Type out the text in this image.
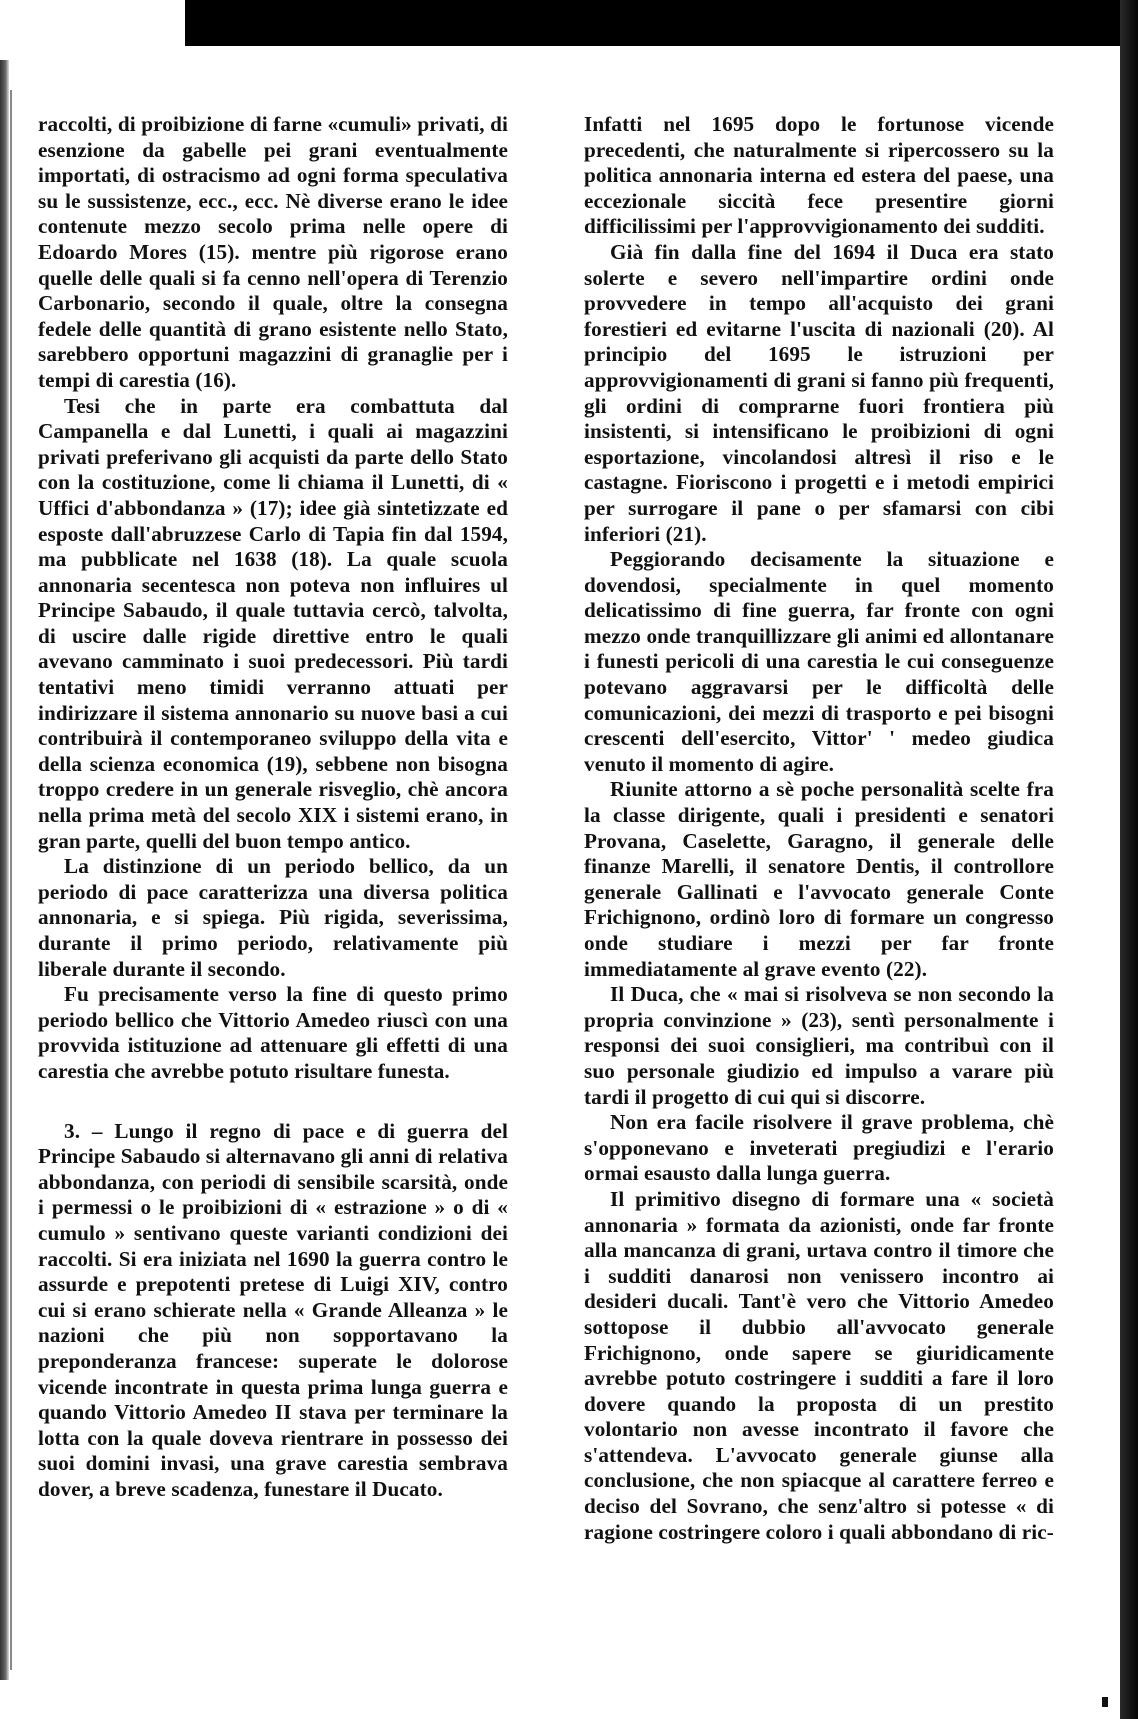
raccolti, di proibizione di farne «cumuli» privati, di esenzione da gabelle pei grani eventualmente importati, di ostracismo ad ogni forma speculativa su le sussistenze, ecc., ecc. Nè diverse erano le idee contenute mezzo secolo prima nelle opere di Edoardo Mores (15). mentre più rigorose erano quelle delle quali si fa cenno nell'opera di Terenzio Carbonario, secondo il quale, oltre la consegna fedele delle quantità di grano esistente nello Stato, sarebbero opportuni magazzini di granaglie per i tempi di carestia (16).

Tesi che in parte era combattuta dal Campanella e dal Lunetti, i quali ai magazzini privati preferivano gli acquisti da parte dello Stato con la costituzione, come li chiama il Lunetti, di « Uffici d'abbondanza » (17); idee già sintetizzate ed esposte dall'abruzzese Carlo di Tapia fin dal 1594, ma pubblicate nel 1638 (18). La quale scuola annonaria secentesca non poteva non influires ul Principe Sabaudo, il quale tuttavia cercò, talvolta, di uscire dalle rigide direttive entro le quali avevano camminato i suoi predecessori. Più tardi tentativi meno timidi verranno attuati per indirizzare il sistema annonario su nuove basi a cui contribuirà il contemporaneo sviluppo della vita e della scienza economica (19), sebbene non bisogna troppo credere in un generale risveglio, chè ancora nella prima metà del secolo XIX i sistemi erano, in gran parte, quelli del buon tempo antico.

La distinzione di un periodo bellico, da un periodo di pace caratterizza una diversa politica annonaria, e si spiega. Più rigida, severissima, durante il primo periodo, relativamente più liberale durante il secondo.

Fu precisamente verso la fine di questo primo periodo bellico che Vittorio Amedeo riuscì con una provvida istituzione ad attenuare gli effetti di una carestia che avrebbe potuto risultare funesta.

3. – Lungo il regno di pace e di guerra del Principe Sabaudo si alternavano gli anni di relativa abbondanza, con periodi di sensibile scarsità, onde i permessi o le proibizioni di « estrazione » o di « cumulo » sentivano queste varianti condizioni dei raccolti. Si era iniziata nel 1690 la guerra contro le assurde e prepotenti pretese di Luigi XIV, contro cui si erano schierate nella « Grande Alleanza » le nazioni che più non sopportavano la preponderanza francese: superate le dolorose vicende incontrate in questa prima lunga guerra e quando Vittorio Amedeo II stava per terminare la lotta con la quale doveva rientrare in possesso dei suoi domini invasi, una grave carestia sembrava dover, a breve scadenza, funestare il Ducato.

Infatti nel 1695 dopo le fortunose vicende precedenti, che naturalmente si ripercossero su la politica annonaria interna ed estera del paese, una eccezionale siccità fece presentire giorni difficilissimi per l'approvvigionamento dei sudditi.

Già fin dalla fine del 1694 il Duca era stato solerte e severo nell'impartire ordini onde provvedere in tempo all'acquisto dei grani forestieri ed evitarne l'uscita di nazionali (20). Al principio del 1695 le istruzioni per approvvigionamenti di grani si fanno più frequenti, gli ordini di comprarne fuori frontiera più insistenti, si intensificano le proibizioni di ogni esportazione, vincolandosi altresì il riso e le castagne. Fioriscono i progetti e i metodi empirici per surrogare il pane o per sfamarsi con cibi inferiori (21).

Peggiorando decisamente la situazione e dovendosi, specialmente in quel momento delicatissimo di fine guerra, far fronte con ogni mezzo onde tranquillizzare gli animi ed allontanare i funesti pericoli di una carestia le cui conseguenze potevano aggravarsi per le difficoltà delle comunicazioni, dei mezzi di trasporto e pei bisogni crescenti dell'esercito, Vittor' ' medeo giudica venuto il momento di agire.

Riunite attorno a sè poche personalità scelte fra la classe dirigente, quali i presidenti e senatori Provana, Caselette, Garagno, il generale delle finanze Marelli, il senatore Dentis, il controllore generale Gallinati e l'avvocato generale Conte Frichignono, ordinò loro di formare un congresso onde studiare i mezzi per far fronte immediatamente al grave evento (22).

Il Duca, che « mai si risolveva se non secondo la propria convinzione » (23), sentì personalmente i responsi dei suoi consiglieri, ma contribuì con il suo personale giudizio ed impulso a varare più tardi il progetto di cui qui si discorre.

Non era facile risolvere il grave problema, chè s'opponevano e inveterati pregiudizi e l'erario ormai esausto dalla lunga guerra.

Il primitivo disegno di formare una « società annonaria » formata da azionisti, onde far fronte alla mancanza di grani, urtava contro il timore che i sudditi danarosi non venissero incontro ai desideri ducali. Tant'è vero che Vittorio Amedeo sottopose il dubbio all'avvocato generale Frichignono, onde sapere se giuridicamente avrebbe potuto costringere i sudditi a fare il loro dovere quando la proposta di un prestito volontario non avesse incontrato il favore che s'attendeva. L'avvocato generale giunse alla conclusione, che non spiacque al carattere ferreo e deciso del Sovrano, che senz'altro si potesse « di ragione costringere coloro i quali abbondano di ric-
